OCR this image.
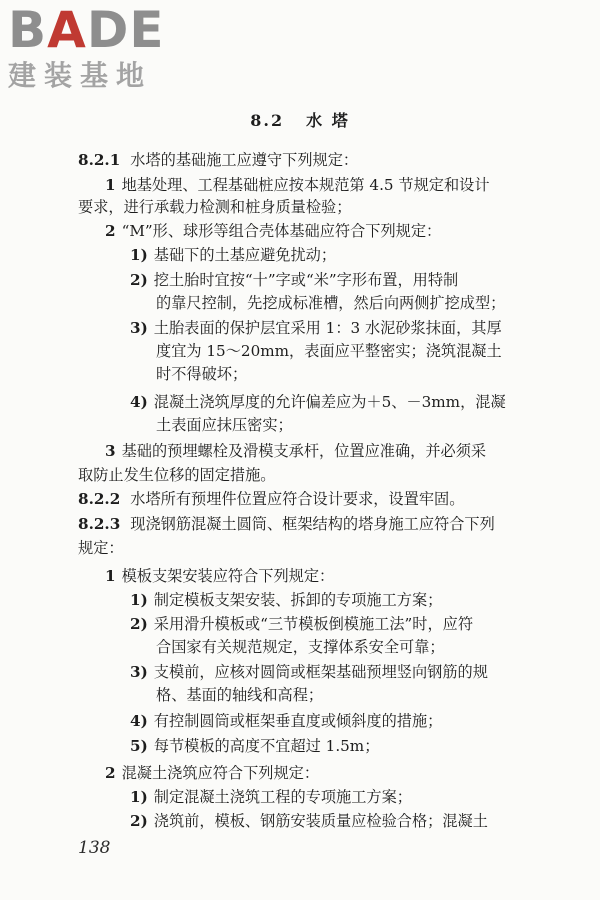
B A DE
建装基地
8.2 水 塔
8.2.1 水塔的基础施工应遵守下列规定：
1 地基处理、工程基础桩应按本规范第 4.5 节规定和设计
要求，进行承载力检测和桩身质量检验；
2 “M”形、球形等组合壳体基础应符合下列规定：
1) 基础下的土基应避免扰动；
2) 挖土胎时宜按“十”字或“米”字形布置，用特制
的靠尺控制，先挖成标准槽，然后向两侧扩挖成型；
3) 土胎表面的保护层宜采用 1：3 水泥砂浆抹面，其厚
度宜为 15～20mm，表面应平整密实；浇筑混凝土
时不得破坏；
4) 混凝土浇筑厚度的允许偏差应为＋5、－3mm，混凝
土表面应抹压密实；
3 基础的预埋螺栓及滑模支承杆，位置应准确，并必须采
取防止发生位移的固定措施。
8.2.2 水塔所有预埋件位置应符合设计要求，设置牢固。
8.2.3 现浇钢筋混凝土圆筒、框架结构的塔身施工应符合下列
规定：
1 模板支架安装应符合下列规定：
1) 制定模板支架安装、拆卸的专项施工方案；
2) 采用滑升模板或“三节模板倒模施工法”时，应符
合国家有关规范规定，支撑体系安全可靠；
3) 支模前，应核对圆筒或框架基础预埋竖向钢筋的规
格、基面的轴线和高程；
4) 有控制圆筒或框架垂直度或倾斜度的措施；
5) 每节模板的高度不宜超过 1.5m；
2 混凝土浇筑应符合下列规定：
1) 制定混凝土浇筑工程的专项施工方案；
2) 浇筑前，模板、钢筋安装质量应检验合格；混凝土
138
